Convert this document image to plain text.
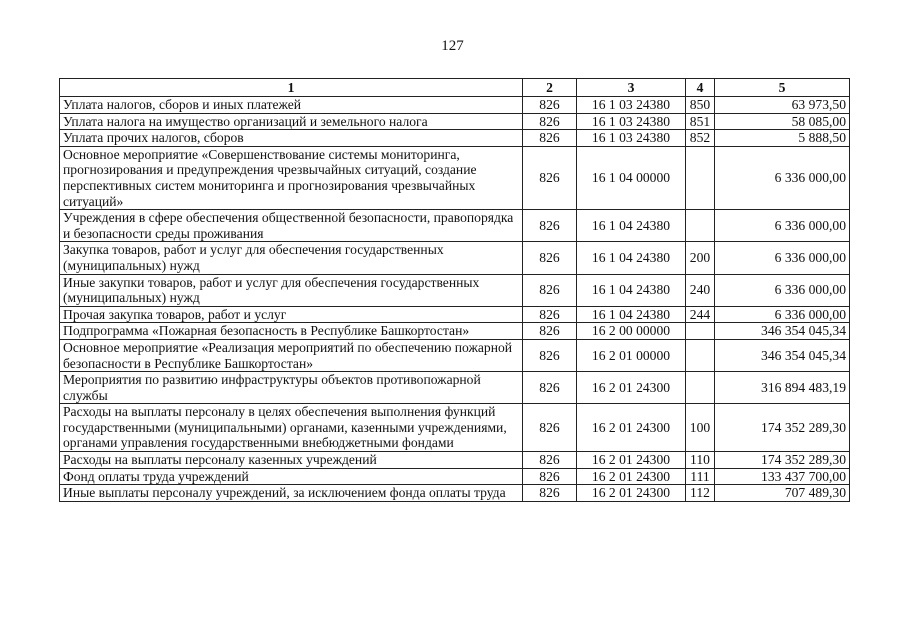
127
1	2	3	4	5
Уплата налогов, сборов и иных платежей	826	16 1 03 24380	850	63 973,50
Уплата налога на имущество организаций и земельного налога	826	16 1 03 24380	851	58 085,00
Уплата прочих налогов, сборов	826	16 1 03 24380	852	5 888,50
Основное мероприятие «Совершенствование системы мониторинга, прогнозирования и предупреждения чрезвычайных ситуаций, создание перспективных систем мониторинга и прогнозирования чрезвычайных ситуаций»	826	16 1 04 00000		6 336 000,00
Учреждения в сфере обеспечения общественной безопасности, правопорядка и безопасности среды проживания	826	16 1 04 24380		6 336 000,00
Закупка товаров, работ и услуг для обеспечения государственных (муниципальных) нужд	826	16 1 04 24380	200	6 336 000,00
Иные закупки товаров, работ и услуг для обеспечения государственных (муниципальных) нужд	826	16 1 04 24380	240	6 336 000,00
Прочая закупка товаров, работ и услуг	826	16 1 04 24380	244	6 336 000,00
Подпрограмма «Пожарная безопасность в Республике Башкортостан»	826	16 2 00 00000		346 354 045,34
Основное мероприятие «Реализация мероприятий по обеспечению пожарной безопасности в Республике Башкортостан»	826	16 2 01 00000		346 354 045,34
Мероприятия по развитию инфраструктуры объектов противопожарной службы	826	16 2 01 24300		316 894 483,19
Расходы на выплаты персоналу в целях обеспечения выполнения функций государственными (муниципальными) органами, казенными учреждениями, органами управления государственными внебюджетными фондами	826	16 2 01 24300	100	174 352 289,30
Расходы на выплаты персоналу казенных учреждений	826	16 2 01 24300	110	174 352 289,30
Фонд оплаты труда учреждений	826	16 2 01 24300	111	133 437 700,00
Иные выплаты персоналу учреждений, за исключением фонда оплаты труда	826	16 2 01 24300	112	707 489,30
